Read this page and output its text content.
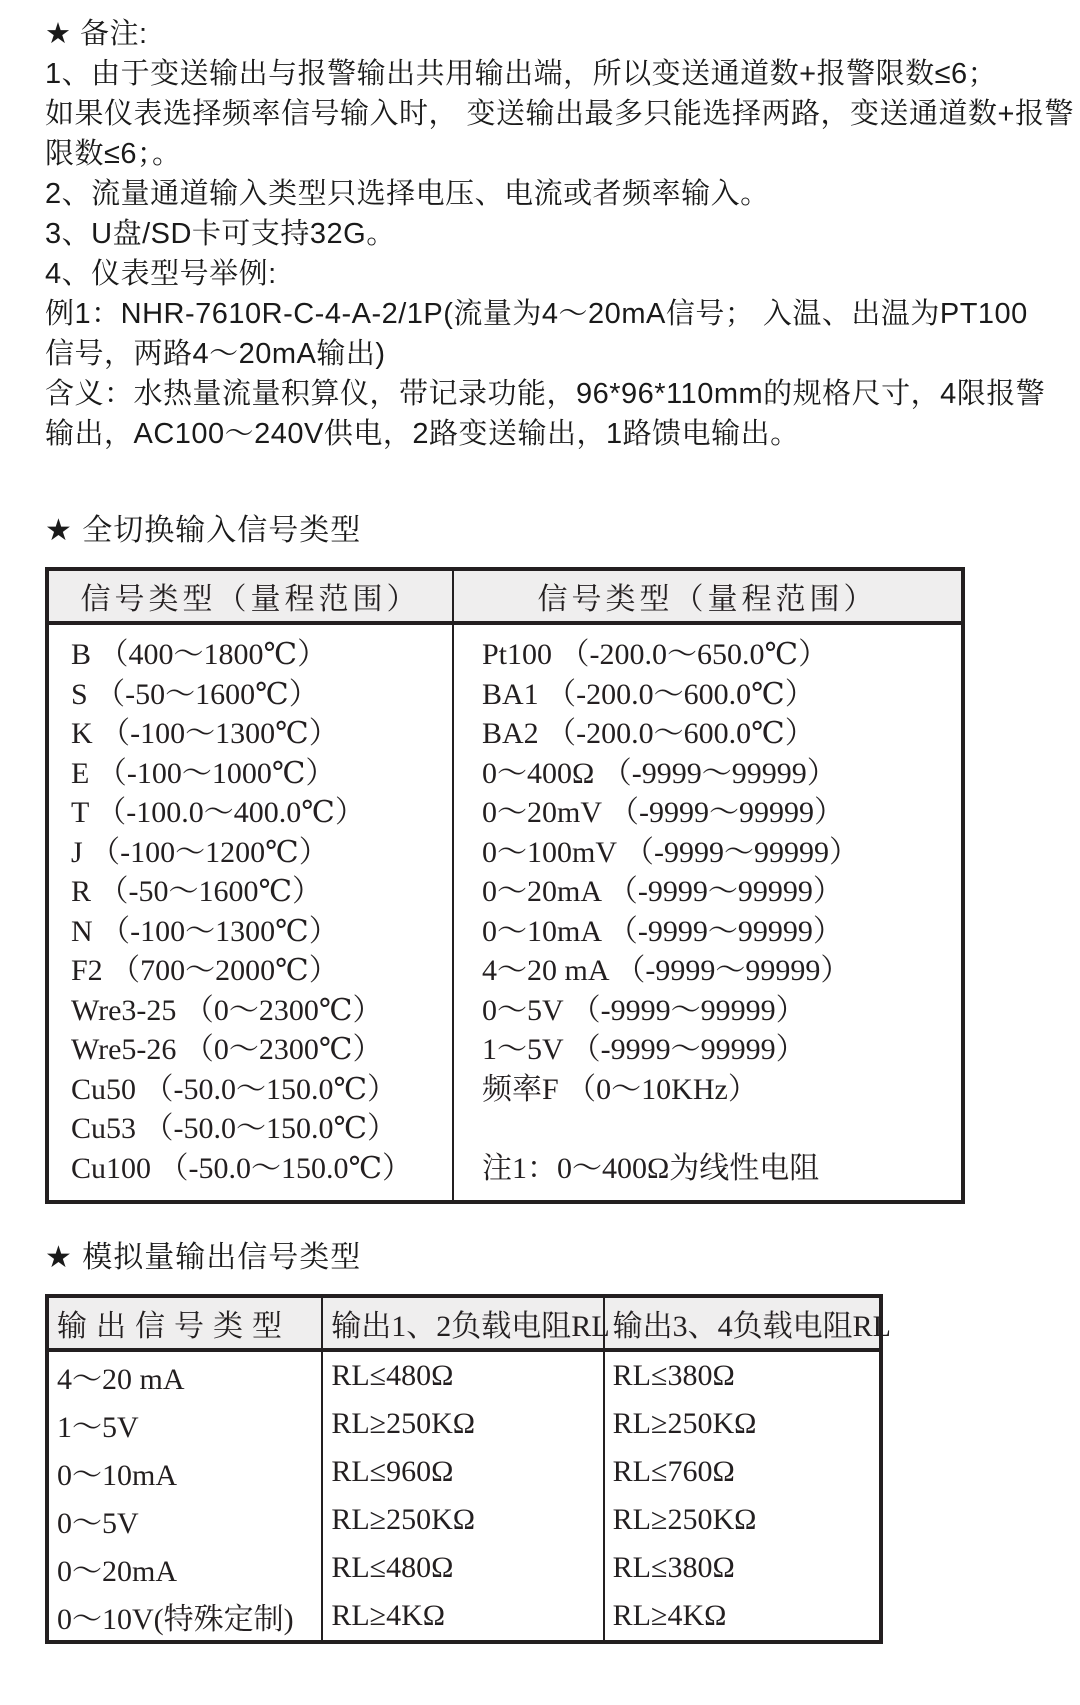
★ 备注:
1、由于变送输出与报警输出共用输出端，所以变送通道数+报警限数≤6；
如果仪表选择频率信号输入时， 变送输出最多只能选择两路，变送通道数+报警
限数≤6；。
2、流量通道输入类型只选择电压、电流或者频率输入。
3、U盘/SD卡可支持32G。
4、仪表型号举例:
例1：NHR-7610R-C-4-A-2/1P(流量为4～20mA信号； 入温、出温为PT100
信号，两路4～20mA输出)
含义：水热量流量积算仪，带记录功能，96*96*110mm的规格尺寸，4限报警
输出，AC100～240V供电，2路变送输出，1路馈电输出。
★ 全切换输入信号类型
信号类型（量程范围）	信号类型（量程范围）

B （400～1800℃）
S （-50～1600℃）
K （-100～1300℃）
E （-100～1000℃）
T （-100.0～400.0℃）
J （-100～1200℃）
R （-50～1600℃）
N （-100～1300℃）
F2 （700～2000℃）
Wre3-25 （0～2300℃）
Wre5-26 （0～2300℃）
Cu50 （-50.0～150.0℃）
Cu53 （-50.0～150.0℃）
Cu100 （-50.0～150.0℃）

Pt100 （-200.0～650.0℃）
BA1 （-200.0～600.0℃）
BA2 （-200.0～600.0℃）
0～400Ω （-9999～99999）
0～20mV （-9999～99999）
0～100mV （-9999～99999）
0～20mA （-9999～99999）
0～10mA （-9999～99999）
4～20 mA （-9999～99999）
0～5V （-9999～99999）
1～5V （-9999～99999）
频率F （0～10KHz）

注1：0～400Ω为线性电阻
★ 模拟量输出信号类型
输出信号类型	输出1、2负载电阻RL	输出3、4负载电阻RL
4～20 mA	RL≤480Ω	RL≤380Ω
1～5V	RL≥250KΩ	RL≥250KΩ
0～10mA	RL≤960Ω	RL≤760Ω
0～5V	RL≥250KΩ	RL≥250KΩ
0～20mA	RL≤480Ω	RL≤380Ω
0～10V(特殊定制)	RL≥4KΩ	RL≥4KΩ
